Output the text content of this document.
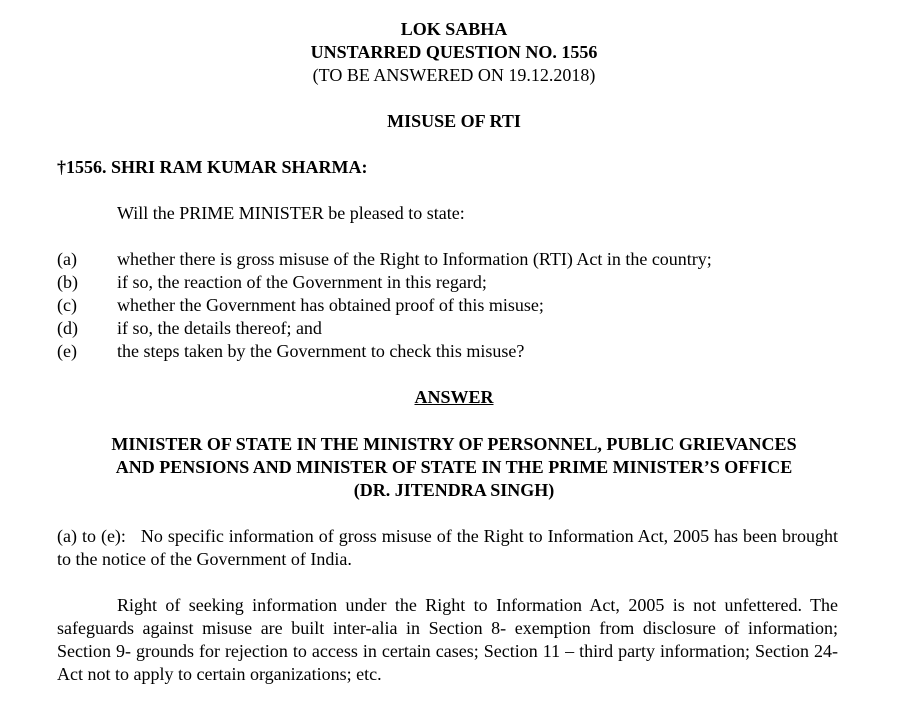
LOK SABHA
UNSTARRED QUESTION NO. 1556
(TO BE ANSWERED ON 19.12.2018)
MISUSE OF RTI
†1556. SHRI RAM KUMAR SHARMA:
Will the PRIME MINISTER be pleased to state:
(a)	whether there is gross misuse of the Right to Information (RTI) Act in the country;
(b)	if so, the reaction of the Government in this regard;
(c)	whether the Government has obtained proof of this misuse;
(d)	if so, the details thereof; and
(e)	the steps taken by the Government to check this misuse?
ANSWER
MINISTER OF STATE IN THE MINISTRY OF PERSONNEL, PUBLIC GRIEVANCES
AND PENSIONS AND MINISTER OF STATE IN THE PRIME MINISTER’S OFFICE
(DR. JITENDRA SINGH)
(a) to (e):   No specific information of gross misuse of the Right to Information Act, 2005 has been brought to the notice of the Government of India.
Right of seeking information under the Right to Information Act, 2005 is not unfettered. The safeguards against misuse are built inter-alia in Section 8- exemption from disclosure of information; Section 9- grounds for rejection to access in certain cases; Section 11 – third party information; Section 24- Act not to apply to certain organizations; etc.
